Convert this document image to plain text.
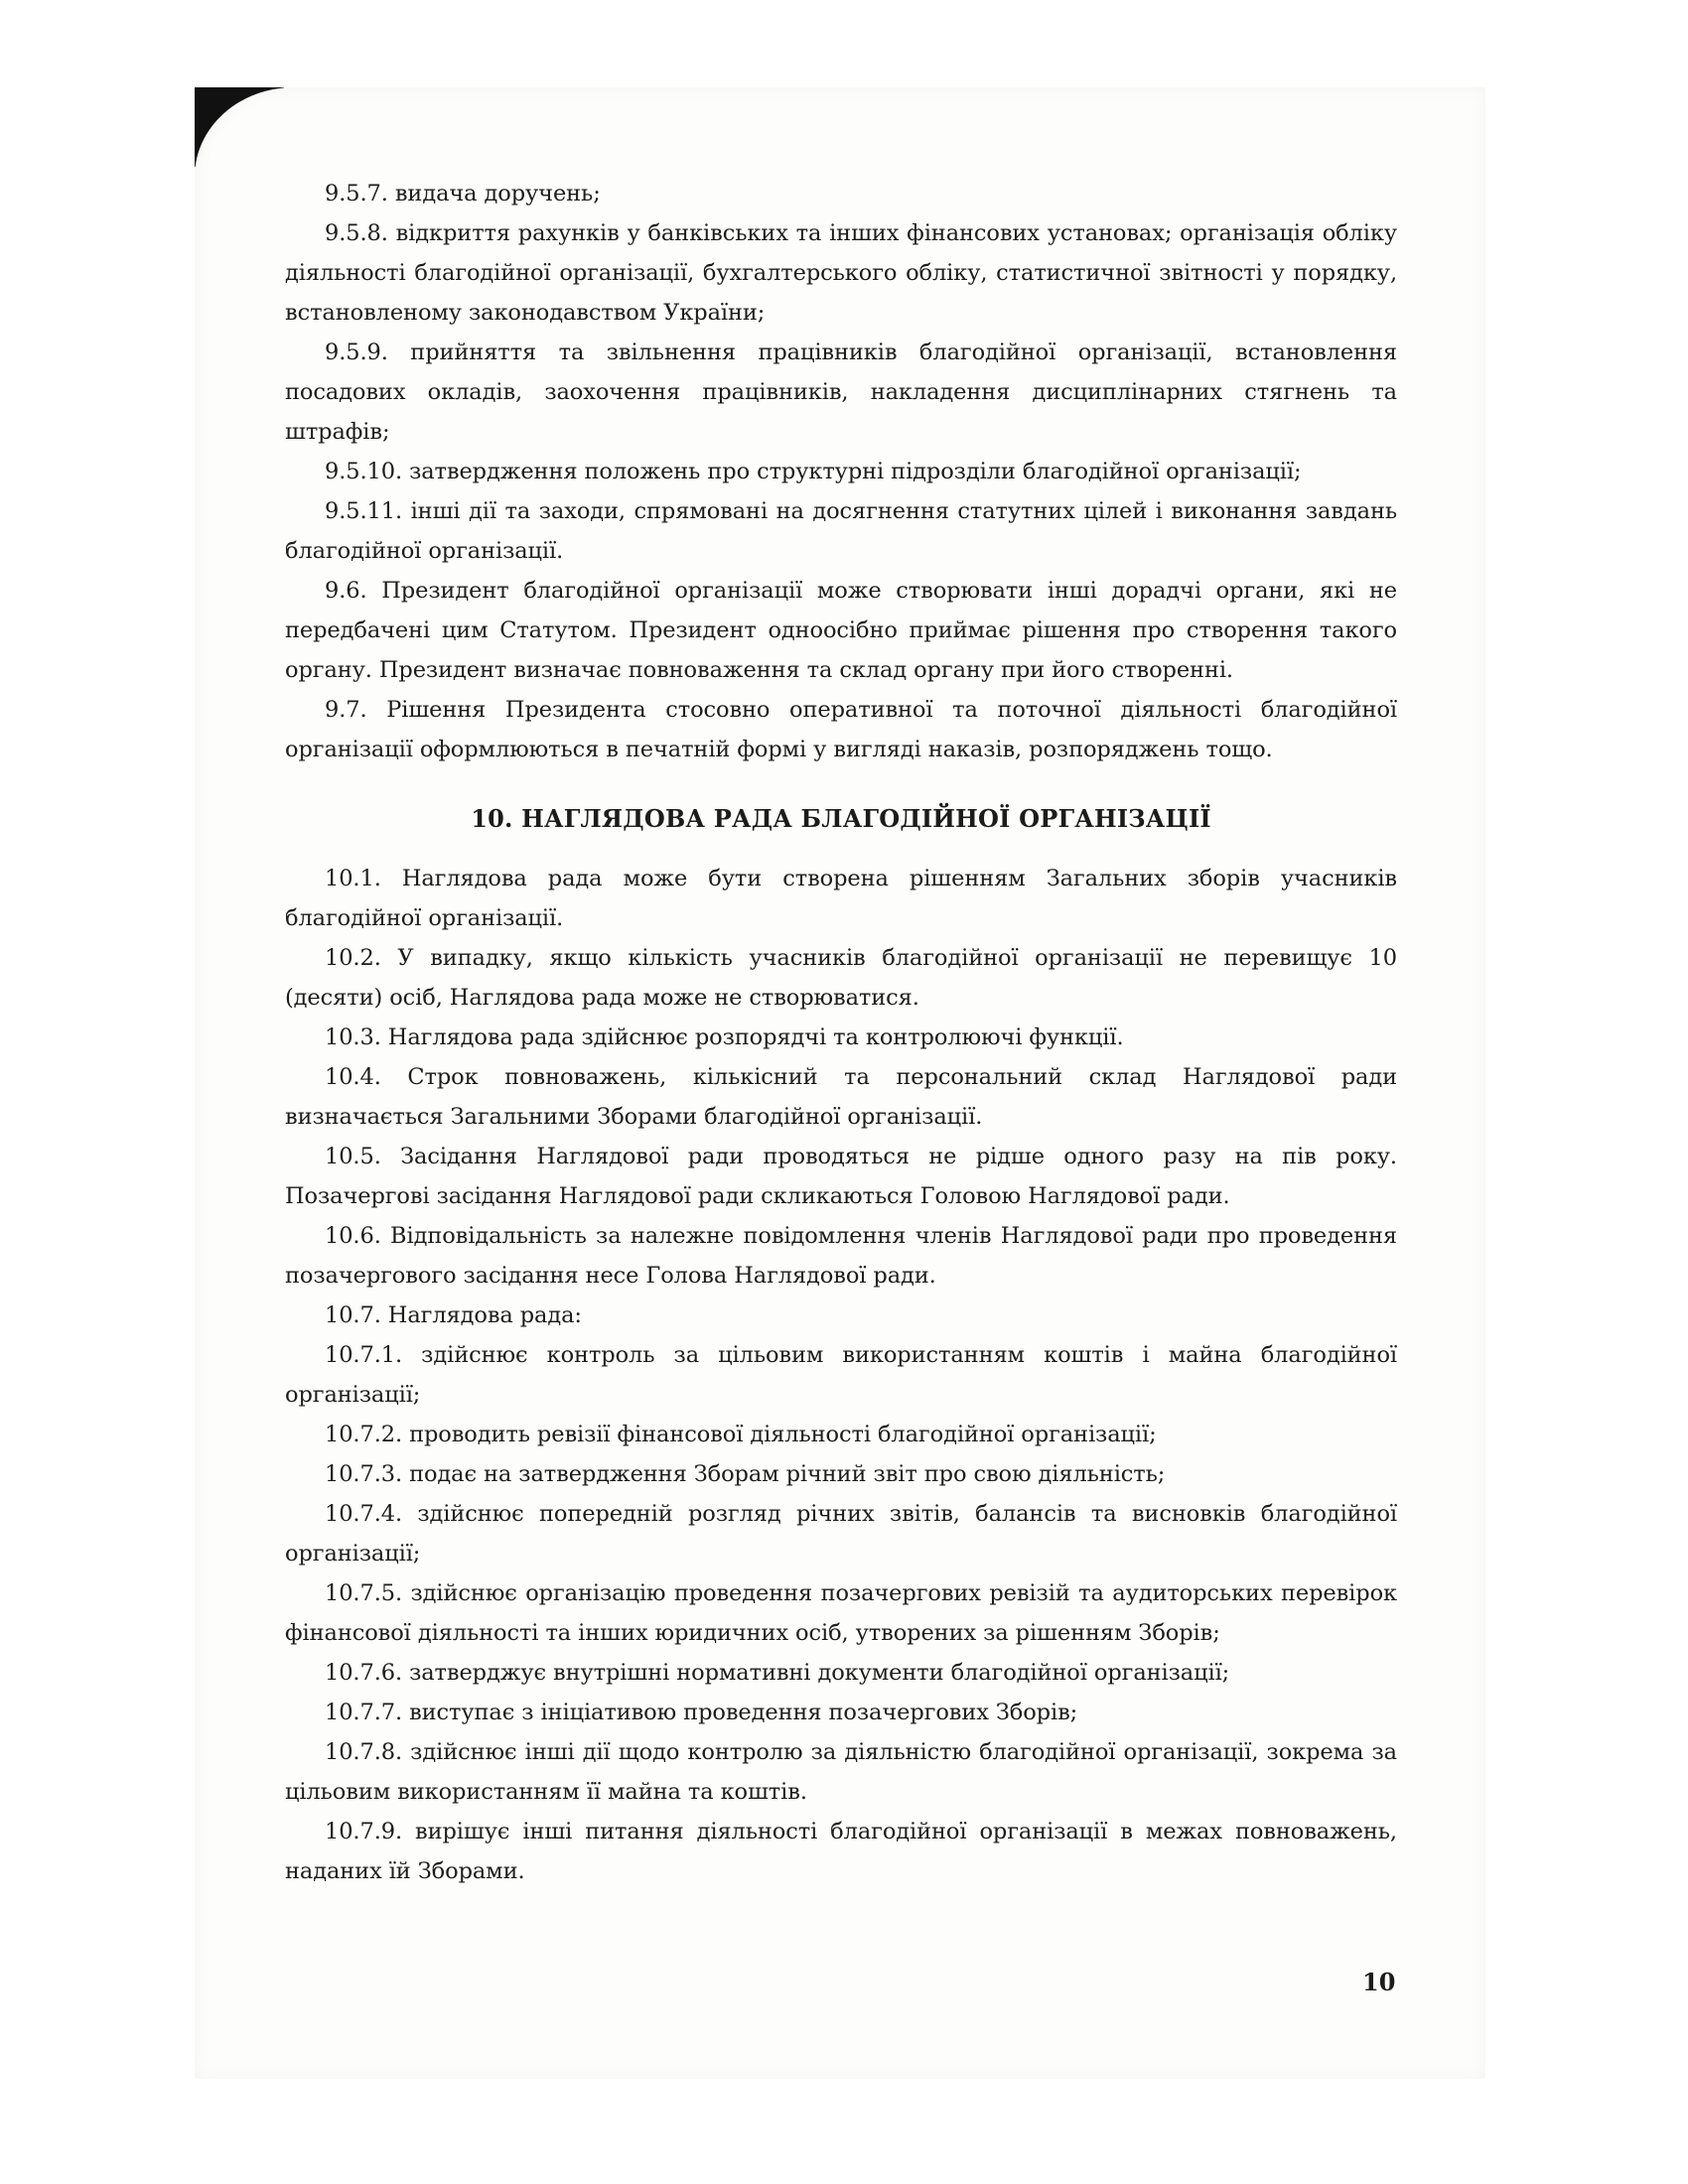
9.5.7. видача доручень;

9.5.8. відкриття рахунків у банківських та інших фінансових установах; організація обліку діяльності благодійної організації, бухгалтерського обліку, статистичної звітності у порядку, встановленому законодавством України;

9.5.9. прийняття та звільнення працівників благодійної організації, встановлення посадових окладів, заохочення працівників, накладення дисциплінарних стягнень та штрафів;

9.5.10. затвердження положень про структурні підрозділи благодійної організації;

9.5.11. інші дії та заходи, спрямовані на досягнення статутних цілей і виконання завдань благодійної організації.

9.6. Президент благодійної організації може створювати інші дорадчі органи, які не передбачені цим Статутом. Президент одноосібно приймає рішення про створення такого органу. Президент визначає повноваження та склад органу при його створенні.

9.7. Рішення Президента стосовно оперативної та поточної діяльності благодійної організації оформлюються в печатній формі у вигляді наказів, розпоряджень тощо.

10. НАГЛЯДОВА РАДА БЛАГОДІЙНОЇ ОРГАНІЗАЦІЇ

10.1. Наглядова рада може бути створена рішенням Загальних зборів учасників благодійної організації.

10.2. У випадку, якщо кількість учасників благодійної організації не перевищує 10 (десяти) осіб, Наглядова рада може не створюватися.

10.3. Наглядова рада здійснює розпорядчі та контролюючі функції.

10.4. Строк повноважень, кількісний та персональний склад Наглядової ради визначається Загальними Зборами благодійної організації.

10.5. Засідання Наглядової ради проводяться не рідше одного разу на пів року. Позачергові засідання Наглядової ради скликаються Головою Наглядової ради.

10.6. Відповідальність за належне повідомлення членів Наглядової ради про проведення позачергового засідання несе Голова Наглядової ради.

10.7. Наглядова рада:

10.7.1. здійснює контроль за цільовим використанням коштів і майна благодійної організації;

10.7.2. проводить ревізії фінансової діяльності благодійної організації;

10.7.3. подає на затвердження Зборам річний звіт про свою діяльність;

10.7.4. здійснює попередній розгляд річних звітів, балансів та висновків благодійної організації;

10.7.5. здійснює організацію проведення позачергових ревізій та аудиторських перевірок фінансової діяльності та інших юридичних осіб, утворених за рішенням Зборів;

10.7.6. затверджує внутрішні нормативні документи благодійної організації;

10.7.7. виступає з ініціативою проведення позачергових Зборів;

10.7.8. здійснює інші дії щодо контролю за діяльністю благодійної організації, зокрема за цільовим використанням її майна та коштів.

10.7.9. вирішує інші питання діяльності благодійної організації в межах повноважень, наданих їй Зборами.

10
